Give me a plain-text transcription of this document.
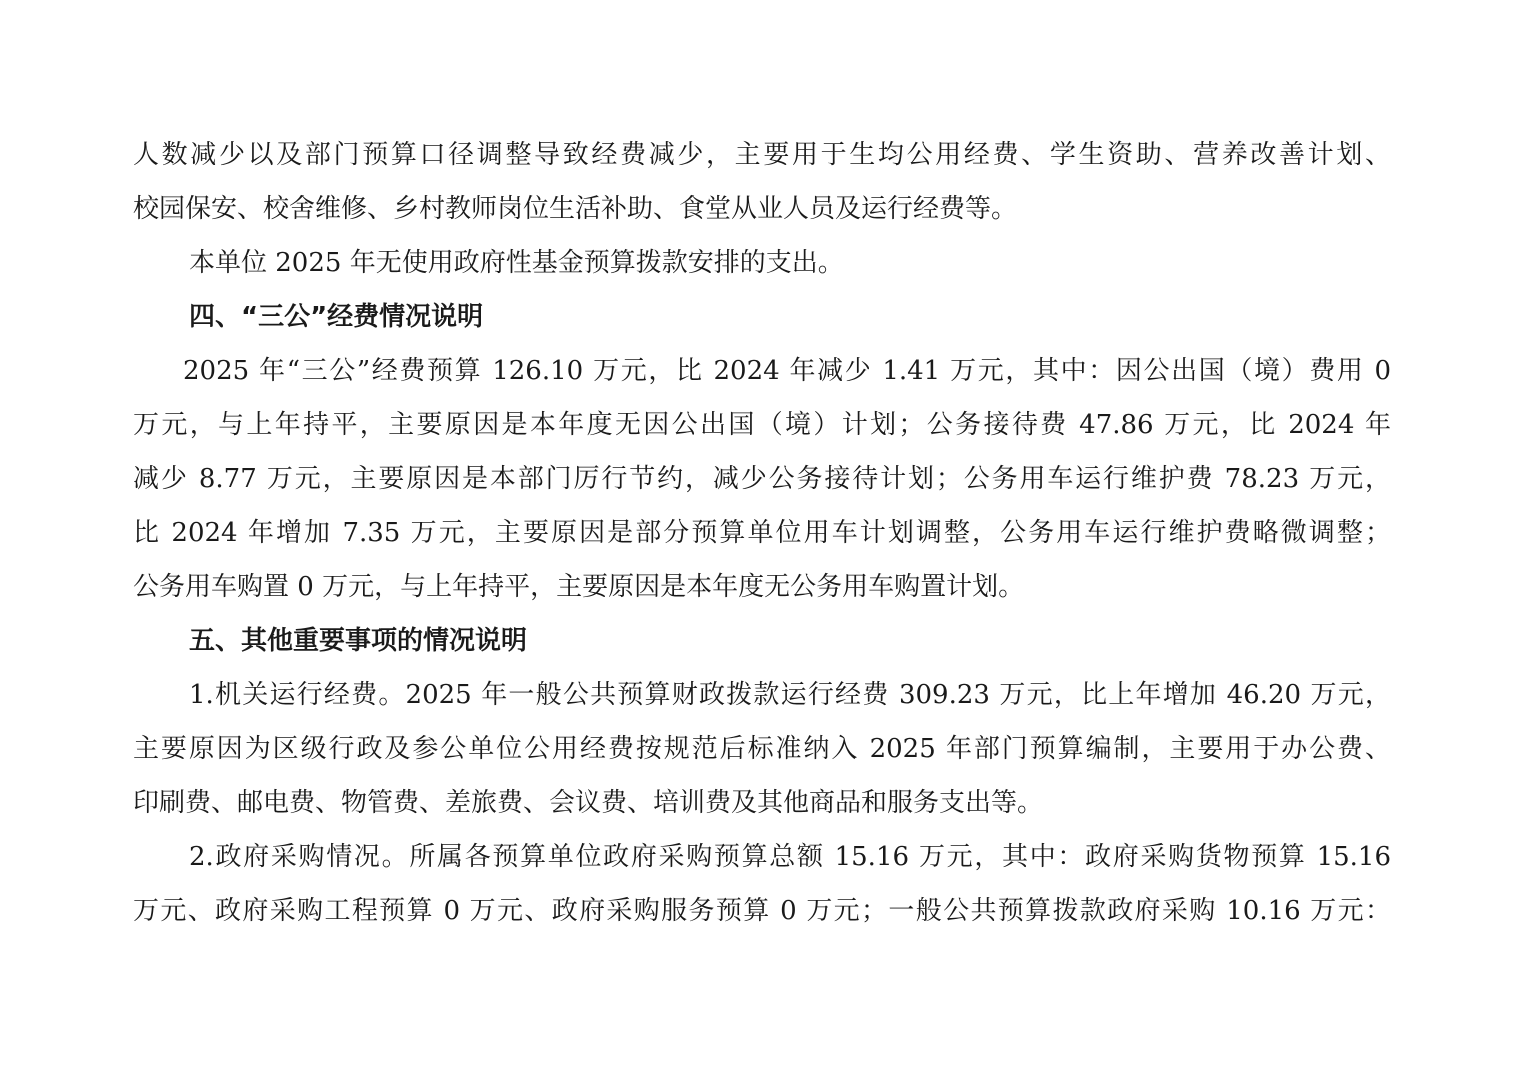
人数减少以及部门预算口径调整导致经费减少，主要用于生均公用经费、学生资助、营养改善计划、
校园保安、校舍维修、乡村教师岗位生活补助、食堂从业人员及运行经费等。

本单位 2025 年无使用政府性基金预算拨款安排的支出。

四、“三公”经费情况说明

2025 年“三公”经费预算 126.10 万元，比 2024 年减少 1.41 万元，其中：因公出国（境）费用 0
万元，与上年持平，主要原因是本年度无因公出国（境）计划；公务接待费 47.86 万元，比 2024 年
减少 8.77 万元，主要原因是本部门厉行节约，减少公务接待计划；公务用车运行维护费 78.23 万元，
比 2024 年增加 7.35 万元，主要原因是部分预算单位用车计划调整，公务用车运行维护费略微调整；
公务用车购置 0 万元，与上年持平，主要原因是本年度无公务用车购置计划。

五、其他重要事项的情况说明

1.机关运行经费。2025 年一般公共预算财政拨款运行经费 309.23 万元，比上年增加 46.20 万元，
主要原因为区级行政及参公单位公用经费按规范后标准纳入 2025 年部门预算编制，主要用于办公费、
印刷费、邮电费、物管费、差旅费、会议费、培训费及其他商品和服务支出等。

2.政府采购情况。所属各预算单位政府采购预算总额 15.16 万元，其中：政府采购货物预算 15.16
万元、政府采购工程预算 0 万元、政府采购服务预算 0 万元；一般公共预算拨款政府采购 10.16 万元：
